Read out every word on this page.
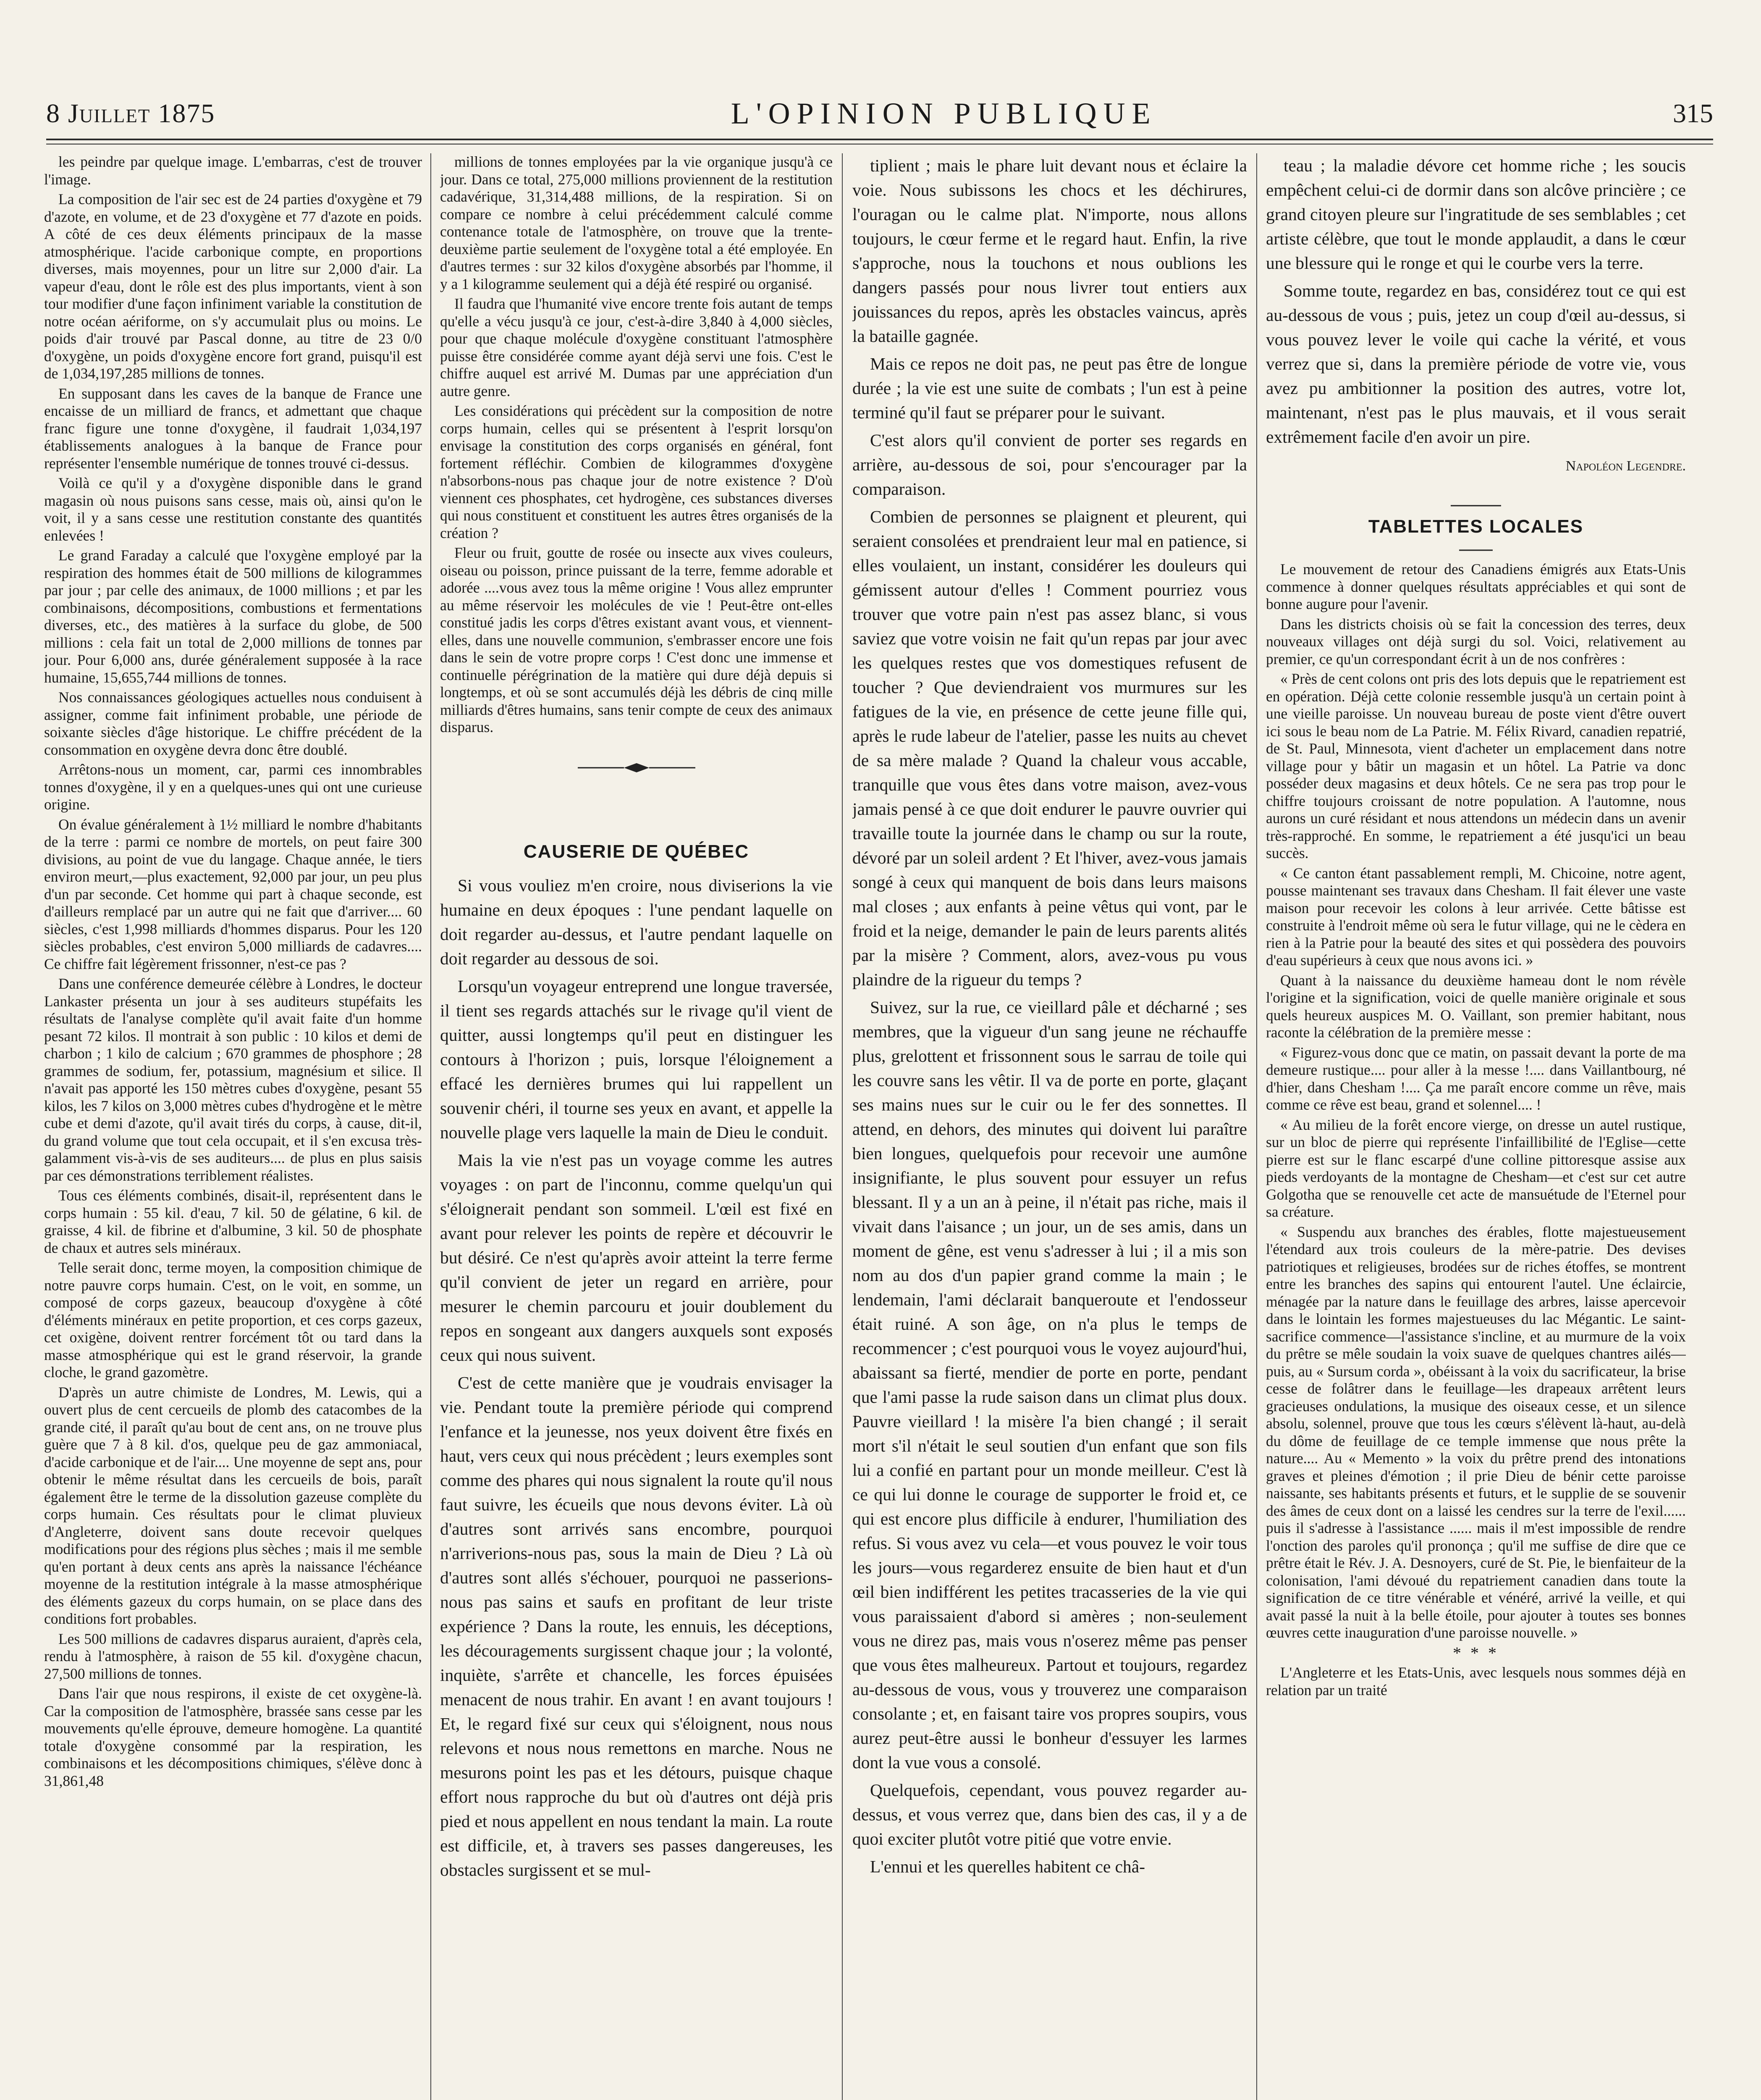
8 Juillet 1875	L'OPINION PUBLIQUE	315

les peindre par quelque image. L'embarras, c'est de trouver l'image.

La composition de l'air sec est de 24 parties d'oxygène et 79 d'azote, en volume, et de 23 d'oxygène et 77 d'azote en poids. A côté de ces deux éléments principaux de la masse atmosphérique. l'acide carbonique compte, en proportions diverses, mais moyennes, pour un litre sur 2,000 d'air. La vapeur d'eau, dont le rôle est des plus importants, vient à son tour modifier d'une façon infiniment variable la constitution de notre océan aériforme, on s'y accumulait plus ou moins. Le poids d'air trouvé par Pascal donne, au titre de 23 0/0 d'oxygène, un poids d'oxygène encore fort grand, puisqu'il est de 1,034,197,285 millions de tonnes.

En supposant dans les caves de la banque de France une encaisse de un milliard de francs, et admettant que chaque franc figure une tonne d'oxygène, il faudrait 1,034,197 établissements analogues à la banque de France pour représenter l'ensemble numérique de tonnes trouvé ci-dessus.

Voilà ce qu'il y a d'oxygène disponible dans le grand magasin où nous puisons sans cesse, mais où, ainsi qu'on le voit, il y a sans cesse une restitution constante des quantités enlevées !

Le grand Faraday a calculé que l'oxygène employé par la respiration des hommes était de 500 millions de kilogrammes par jour ; par celle des animaux, de 1000 millions ; et par les combinaisons, décompositions, combustions et fermentations diverses, etc., des matières à la surface du globe, de 500 millions : cela fait un total de 2,000 millions de tonnes par jour. Pour 6,000 ans, durée généralement supposée à la race humaine, 15,655,744 millions de tonnes.

Nos connaissances géologiques actuelles nous conduisent à assigner, comme fait infiniment probable, une période de soixante siècles d'âge historique. Le chiffre précédent de la consommation en oxygène devra donc être doublé.

Arrêtons-nous un moment, car, parmi ces innombrables tonnes d'oxygène, il y en a quelques-unes qui ont une curieuse origine.

On évalue généralement à 1½ milliard le nombre d'habitants de la terre : parmi ce nombre de mortels, on peut faire 300 divisions, au point de vue du langage. Chaque année, le tiers environ meurt,—plus exactement, 92,000 par jour, un peu plus d'un par seconde. Cet homme qui part à chaque seconde, est d'ailleurs remplacé par un autre qui ne fait que d'arriver.... 60 siècles, c'est 1,998 milliards d'hommes disparus. Pour les 120 siècles probables, c'est environ 5,000 milliards de cadavres.... Ce chiffre fait légèrement frissonner, n'est-ce pas ?

Dans une conférence demeurée célèbre à Londres, le docteur Lankaster présenta un jour à ses auditeurs stupéfaits les résultats de l'analyse complète qu'il avait faite d'un homme pesant 72 kilos. Il montrait à son public : 10 kilos et demi de charbon ; 1 kilo de calcium ; 670 grammes de phosphore ; 28 grammes de sodium, fer, potassium, magnésium et silice. Il n'avait pas apporté les 150 mètres cubes d'oxygène, pesant 55 kilos, les 7 kilos on 3,000 mètres cubes d'hydrogène et le mètre cube et demi d'azote, qu'il avait tirés du corps, à cause, dit-il, du grand volume que tout cela occupait, et il s'en excusa très-galamment vis-à-vis de ses auditeurs.... de plus en plus saisis par ces démonstrations terriblement réalistes.

Tous ces éléments combinés, disait-il, représentent dans le corps humain : 55 kil. d'eau, 7 kil. 50 de gélatine, 6 kil. de graisse, 4 kil. de fibrine et d'albumine, 3 kil. 50 de phosphate de chaux et autres sels minéraux.

Telle serait donc, terme moyen, la composition chimique de notre pauvre corps humain. C'est, on le voit, en somme, un composé de corps gazeux, beaucoup d'oxygène à côté d'éléments minéraux en petite proportion, et ces corps gazeux, cet oxigène, doivent rentrer forcément tôt ou tard dans la masse atmosphérique qui est le grand réservoir, la grande cloche, le grand gazomètre.

D'après un autre chimiste de Londres, M. Lewis, qui a ouvert plus de cent cercueils de plomb des catacombes de la grande cité, il paraît qu'au bout de cent ans, on ne trouve plus guère que 7 à 8 kil. d'os, quelque peu de gaz ammoniacal, d'acide carbonique et de l'air.... Une moyenne de sept ans, pour obtenir le même résultat dans les cercueils de bois, paraît également être le terme de la dissolution gazeuse complète du corps humain. Ces résultats pour le climat pluvieux d'Angleterre, doivent sans doute recevoir quelques modifications pour des régions plus sèches ; mais il me semble qu'en portant à deux cents ans après la naissance l'échéance moyenne de la restitution intégrale à la masse atmosphérique des éléments gazeux du corps humain, on se place dans des conditions fort probables.

Les 500 millions de cadavres disparus auraient, d'après cela, rendu à l'atmosphère, à raison de 55 kil. d'oxygène chacun, 27,500 millions de tonnes.

Dans l'air que nous respirons, il existe de cet oxygène-là. Car la composition de l'atmosphère, brassée sans cesse par les mouvements qu'elle éprouve, demeure homogène. La quantité totale d'oxygène consommé par la respiration, les combinaisons et les décompositions chimiques, s'élève donc à 31,861,48

millions de tonnes employées par la vie organique jusqu'à ce jour. Dans ce total, 275,000 millions proviennent de la restitution cadavérique, 31,314,488 millions, de la respiration. Si on compare ce nombre à celui précédemment calculé comme contenance totale de l'atmosphère, on trouve que la trente-deuxième partie seulement de l'oxygène total a été employée. En d'autres termes : sur 32 kilos d'oxygène absorbés par l'homme, il y a 1 kilogramme seulement qui a déjà été respiré ou organisé.

Il faudra que l'humanité vive encore trente fois autant de temps qu'elle a vécu jusqu'à ce jour, c'est-à-dire 3,840 à 4,000 siècles, pour que chaque molécule d'oxygène constituant l'atmosphère puisse être considérée comme ayant déjà servi une fois. C'est le chiffre auquel est arrivé M. Dumas par une appréciation d'un autre genre.

Les considérations qui précèdent sur la composition de notre corps humain, celles qui se présentent à l'esprit lorsqu'on envisage la constitution des corps organisés en général, font fortement réfléchir. Combien de kilogrammes d'oxygène n'absorbons-nous pas chaque jour de notre existence ? D'où viennent ces phosphates, cet hydrogène, ces substances diverses qui nous constituent et constituent les autres êtres organisés de la création ?

Fleur ou fruit, goutte de rosée ou insecte aux vives couleurs, oiseau ou poisson, prince puissant de la terre, femme adorable et adorée ....vous avez tous la même origine ! Vous allez emprunter au même réservoir les molécules de vie ! Peut-être ont-elles constitué jadis les corps d'êtres existant avant vous, et viennent-elles, dans une nouvelle communion, s'embrasser encore une fois dans le sein de votre propre corps ! C'est donc une immense et continuelle pérégrination de la matière qui dure déjà depuis si longtemps, et où se sont accumulés déjà les débris de cinq mille milliards d'êtres humains, sans tenir compte de ceux des animaux disparus.

CAUSERIE DE QUÉBEC

Si vous vouliez m'en croire, nous diviserions la vie humaine en deux époques : l'une pendant laquelle on doit regarder au-dessus, et l'autre pendant laquelle on doit regarder au dessous de soi.

Lorsqu'un voyageur entreprend une longue traversée, il tient ses regards attachés sur le rivage qu'il vient de quitter, aussi longtemps qu'il peut en distinguer les contours à l'horizon ; puis, lorsque l'éloignement a effacé les dernières brumes qui lui rappellent un souvenir chéri, il tourne ses yeux en avant, et appelle la nouvelle plage vers laquelle la main de Dieu le conduit.

Mais la vie n'est pas un voyage comme les autres voyages : on part de l'inconnu, comme quelqu'un qui s'éloignerait pendant son sommeil. L'œil est fixé en avant pour relever les points de repère et découvrir le but désiré. Ce n'est qu'après avoir atteint la terre ferme qu'il convient de jeter un regard en arrière, pour mesurer le chemin parcouru et jouir doublement du repos en songeant aux dangers auxquels sont exposés ceux qui nous suivent.

C'est de cette manière que je voudrais envisager la vie. Pendant toute la première période qui comprend l'enfance et la jeunesse, nos yeux doivent être fixés en haut, vers ceux qui nous précèdent ; leurs exemples sont comme des phares qui nous signalent la route qu'il nous faut suivre, les écueils que nous devons éviter. Là où d'autres sont arrivés sans encombre, pourquoi n'arriverions-nous pas, sous la main de Dieu ? Là où d'autres sont allés s'échouer, pourquoi ne passerions-nous pas sains et saufs en profitant de leur triste expérience ? Dans la route, les ennuis, les déceptions, les découragements surgissent chaque jour ; la volonté, inquiète, s'arrête et chancelle, les forces épuisées menacent de nous trahir. En avant ! en avant toujours ! Et, le regard fixé sur ceux qui s'éloignent, nous nous relevons et nous nous remettons en marche. Nous ne mesurons point les pas et les détours, puisque chaque effort nous rapproche du but où d'autres ont déjà pris pied et nous appellent en nous tendant la main. La route est difficile, et, à travers ses passes dangereuses, les obstacles surgissent et se mul-

tiplient ; mais le phare luit devant nous et éclaire la voie. Nous subissons les chocs et les déchirures, l'ouragan ou le calme plat. N'importe, nous allons toujours, le cœur ferme et le regard haut. Enfin, la rive s'approche, nous la touchons et nous oublions les dangers passés pour nous livrer tout entiers aux jouissances du repos, après les obstacles vaincus, après la bataille gagnée.

Mais ce repos ne doit pas, ne peut pas être de longue durée ; la vie est une suite de combats ; l'un est à peine terminé qu'il faut se préparer pour le suivant.

C'est alors qu'il convient de porter ses regards en arrière, au-dessous de soi, pour s'encourager par la comparaison.

Combien de personnes se plaignent et pleurent, qui seraient consolées et prendraient leur mal en patience, si elles voulaient, un instant, considérer les douleurs qui gémissent autour d'elles ! Comment pourriez vous trouver que votre pain n'est pas assez blanc, si vous saviez que votre voisin ne fait qu'un repas par jour avec les quelques restes que vos domestiques refusent de toucher ? Que deviendraient vos murmures sur les fatigues de la vie, en présence de cette jeune fille qui, après le rude labeur de l'atelier, passe les nuits au chevet de sa mère malade ? Quand la chaleur vous accable, tranquille que vous êtes dans votre maison, avez-vous jamais pensé à ce que doit endurer le pauvre ouvrier qui travaille toute la journée dans le champ ou sur la route, dévoré par un soleil ardent ? Et l'hiver, avez-vous jamais songé à ceux qui manquent de bois dans leurs maisons mal closes ; aux enfants à peine vêtus qui vont, par le froid et la neige, demander le pain de leurs parents alités par la misère ? Comment, alors, avez-vous pu vous plaindre de la rigueur du temps ?

Suivez, sur la rue, ce vieillard pâle et décharné ; ses membres, que la vigueur d'un sang jeune ne réchauffe plus, grelottent et frissonnent sous le sarrau de toile qui les couvre sans les vêtir. Il va de porte en porte, glaçant ses mains nues sur le cuir ou le fer des sonnettes. Il attend, en dehors, des minutes qui doivent lui paraître bien longues, quelquefois pour recevoir une aumône insignifiante, le plus souvent pour essuyer un refus blessant. Il y a un an à peine, il n'était pas riche, mais il vivait dans l'aisance ; un jour, un de ses amis, dans un moment de gêne, est venu s'adresser à lui ; il a mis son nom au dos d'un papier grand comme la main ; le lendemain, l'ami déclarait banqueroute et l'endosseur était ruiné. A son âge, on n'a plus le temps de recommencer ; c'est pourquoi vous le voyez aujourd'hui, abaissant sa fierté, mendier de porte en porte, pendant que l'ami passe la rude saison dans un climat plus doux. Pauvre vieillard ! la misère l'a bien changé ; il serait mort s'il n'était le seul soutien d'un enfant que son fils lui a confié en partant pour un monde meilleur. C'est là ce qui lui donne le courage de supporter le froid et, ce qui est encore plus difficile à endurer, l'humiliation des refus. Si vous avez vu cela—et vous pouvez le voir tous les jours—vous regarderez ensuite de bien haut et d'un œil bien indifférent les petites tracasseries de la vie qui vous paraissaient d'abord si amères ; non-seulement vous ne direz pas, mais vous n'oserez même pas penser que vous êtes malheureux. Partout et toujours, regardez au-dessous de vous, vous y trouverez une comparaison consolante ; et, en faisant taire vos propres soupirs, vous aurez peut-être aussi le bonheur d'essuyer les larmes dont la vue vous a consolé.

Quelquefois, cependant, vous pouvez regarder au-dessus, et vous verrez que, dans bien des cas, il y a de quoi exciter plutôt votre pitié que votre envie.

L'ennui et les querelles habitent ce châ-

teau ; la maladie dévore cet homme riche ; les soucis empêchent celui-ci de dormir dans son alcôve princière ; ce grand citoyen pleure sur l'ingratitude de ses semblables ; cet artiste célèbre, que tout le monde applaudit, a dans le cœur une blessure qui le ronge et qui le courbe vers la terre.

Somme toute, regardez en bas, considérez tout ce qui est au-dessous de vous ; puis, jetez un coup d'œil au-dessus, si vous pouvez lever le voile qui cache la vérité, et vous verrez que si, dans la première période de votre vie, vous avez pu ambitionner la position des autres, votre lot, maintenant, n'est pas le plus mauvais, et il vous serait extrêmement facile d'en avoir un pire.

Napoléon Legendre.

TABLETTES LOCALES

Le mouvement de retour des Canadiens émigrés aux Etats-Unis commence à donner quelques résultats appréciables et qui sont de bonne augure pour l'avenir.

Dans les districts choisis où se fait la concession des terres, deux nouveaux villages ont déjà surgi du sol. Voici, relativement au premier, ce qu'un correspondant écrit à un de nos confrères :

« Près de cent colons ont pris des lots depuis que le repatriement est en opération. Déjà cette colonie ressemble jusqu'à un certain point à une vieille paroisse. Un nouveau bureau de poste vient d'être ouvert ici sous le beau nom de La Patrie. M. Félix Rivard, canadien repatrié, de St. Paul, Minnesota, vient d'acheter un emplacement dans notre village pour y bâtir un magasin et un hôtel. La Patrie va donc posséder deux magasins et deux hôtels. Ce ne sera pas trop pour le chiffre toujours croissant de notre population. A l'automne, nous aurons un curé résidant et nous attendons un médecin dans un avenir très-rapproché. En somme, le repatriement a été jusqu'ici un beau succès.

« Ce canton étant passablement rempli, M. Chicoine, notre agent, pousse maintenant ses travaux dans Chesham. Il fait élever une vaste maison pour recevoir les colons à leur arrivée. Cette bâtisse est construite à l'endroit même où sera le futur village, qui ne le cèdera en rien à la Patrie pour la beauté des sites et qui possèdera des pouvoirs d'eau supérieurs à ceux que nous avons ici. »

Quant à la naissance du deuxième hameau dont le nom révèle l'origine et la signification, voici de quelle manière originale et sous quels heureux auspices M. O. Vaillant, son premier habitant, nous raconte la célébration de la première messe :

« Figurez-vous donc que ce matin, on passait devant la porte de ma demeure rustique.... pour aller à la messe !.... dans Vaillantbourg, né d'hier, dans Chesham !.... Ça me paraît encore comme un rêve, mais comme ce rêve est beau, grand et solennel.... !

« Au milieu de la forêt encore vierge, on dresse un autel rustique, sur un bloc de pierre qui représente l'infaillibilité de l'Eglise—cette pierre est sur le flanc escarpé d'une colline pittoresque assise aux pieds verdoyants de la montagne de Chesham—et c'est sur cet autre Golgotha que se renouvelle cet acte de mansuétude de l'Eternel pour sa créature.

« Suspendu aux branches des érables, flotte majestueusement l'étendard aux trois couleurs de la mère-patrie. Des devises patriotiques et religieuses, brodées sur de riches étoffes, se montrent entre les branches des sapins qui entourent l'autel. Une éclaircie, ménagée par la nature dans le feuillage des arbres, laisse apercevoir dans le lointain les formes majestueuses du lac Mégantic. Le saint-sacrifice commence—l'assistance s'incline, et au murmure de la voix du prêtre se mêle soudain la voix suave de quelques chantres ailés—puis, au « Sursum corda », obéissant à la voix du sacrificateur, la brise cesse de folâtrer dans le feuillage—les drapeaux arrêtent leurs gracieuses ondulations, la musique des oiseaux cesse, et un silence absolu, solennel, prouve que tous les cœurs s'élèvent là-haut, au-delà du dôme de feuillage de ce temple immense que nous prête la nature.... Au « Memento » la voix du prêtre prend des intonations graves et pleines d'émotion ; il prie Dieu de bénir cette paroisse naissante, ses habitants présents et futurs, et le supplie de se souvenir des âmes de ceux dont on a laissé les cendres sur la terre de l'exil...... puis il s'adresse à l'assistance ...... mais il m'est impossible de rendre l'onction des paroles qu'il prononça ; qu'il me suffise de dire que ce prêtre était le Rév. J. A. Desnoyers, curé de St. Pie, le bienfaiteur de la colonisation, l'ami dévoué du repatriement canadien dans toute la signification de ce titre vénérable et vénéré, arrivé la veille, et qui avait passé la nuit à la belle étoile, pour ajouter à toutes ses bonnes œuvres cette inauguration d'une paroisse nouvelle. »

* * *

L'Angleterre et les Etats-Unis, avec lesquels nous sommes déjà en relation par un traité
